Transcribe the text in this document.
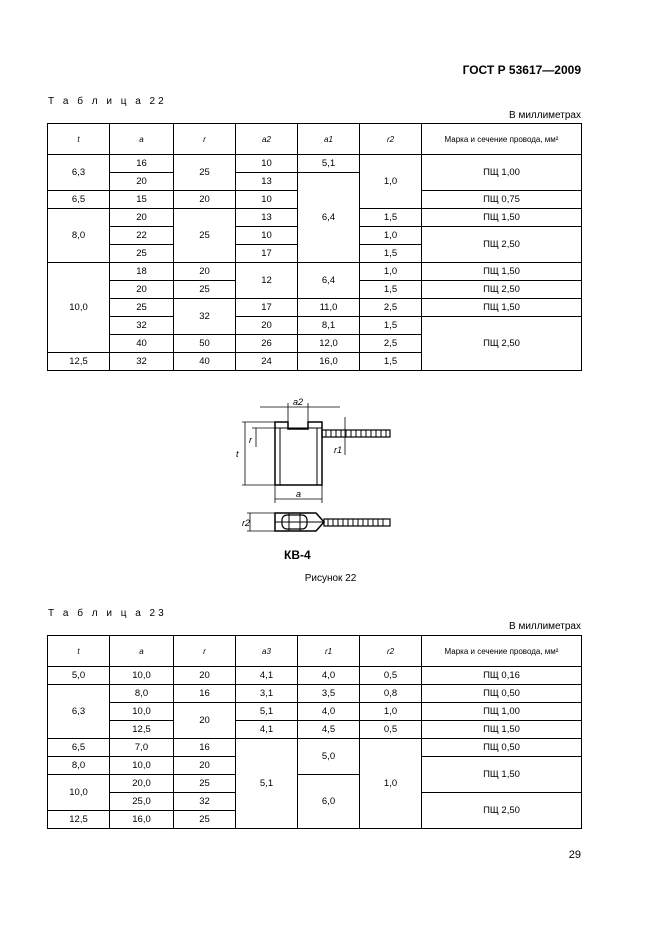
ГОСТ Р 53617—2009
Т а б л и ц а 22
В миллиметрах
t	a	r	a2	a1	r2	Марка и сечение провода, мм²
6,3	16	25	10	5,1	1,0	ПЩ 1,00
	20		13	6,4		
6,5	15	20	10			ПЩ 0,75
8,0	20	25	13		1,5	ПЩ 1,50
	22		10		1,0	ПЩ 2,50
	25		17		1,5	
10,0	18	20	12	6,4	1,0	ПЩ 1,50
	20	25			1,5	ПЩ 2,50
	25	32	17	11,0	2,5	ПЩ 1,50
	32		20	8,1	1,5	ПЩ 2,50
	40	50	26	12,0	2,5	
12,5	32	40	24	16,0	1,5	
a2
t
r
a
r1
r2
КВ-4
Рисунок 22
Т а б л и ц а 23
В миллиметрах
t	a	r	a3	r1	r2	Марка и сечение провода, мм²
5,0	10,0	20	4,1	4,0	0,5	ПЩ 0,16
6,3	8,0	16	3,1	3,5	0,8	ПЩ 0,50
	10,0	20	5,1	4,0	1,0	ПЩ 1,00
	12,5		4,1	4,5	0,5	ПЩ 1,50
6,5	7,0	16	5,1	5,0	1,0	ПЩ 0,50
8,0	10,0	20				ПЩ 1,50
10,0	20,0	25		6,0		
	25,0	32				ПЩ 2,50
12,5	16,0	25				
29
